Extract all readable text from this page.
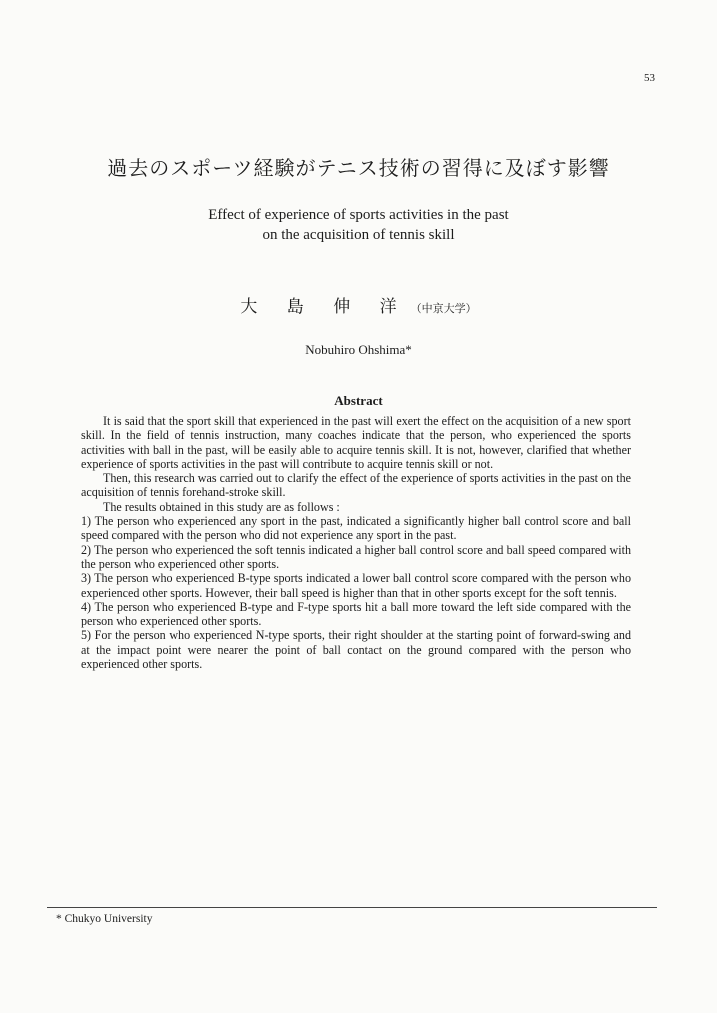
53
過去のスポーツ経験がテニス技術の習得に及ぼす影響
Effect of experience of sports activities in the past
on the acquisition of tennis skill
大 島 伸 洋 （中京大学）
Nobuhiro Ohshima*
Abstract

It is said that the sport skill that experienced in the past will exert the effect on the acquisition of a new sport skill. In the field of tennis instruction, many coaches indicate that the person, who experienced the sports activities with ball in the past, will be easily able to acquire tennis skill. It is not, however, clarified that whether experience of sports activities in the past will contribute to acquire tennis skill or not.

Then, this research was carried out to clarify the effect of the experience of sports activities in the past on the acquisition of tennis forehand-stroke skill.

The results obtained in this study are as follows :

1) The person who experienced any sport in the past, indicated a significantly higher ball control score and ball speed compared with the person who did not experience any sport in the past.

2) The person who experienced the soft tennis indicated a higher ball control score and ball speed compared with the person who experienced other sports.

3) The person who experienced B-type sports indicated a lower ball control score compared with the person who experienced other sports. However, their ball speed is higher than that in other sports except for the soft tennis.

4) The person who experienced B-type and F-type sports hit a ball more toward the left side compared with the person who experienced other sports.

5) For the person who experienced N-type sports, their right shoulder at the starting point of forward-swing and at the impact point were nearer the point of ball contact on the ground compared with the person who experienced other sports.

* Chukyo University
